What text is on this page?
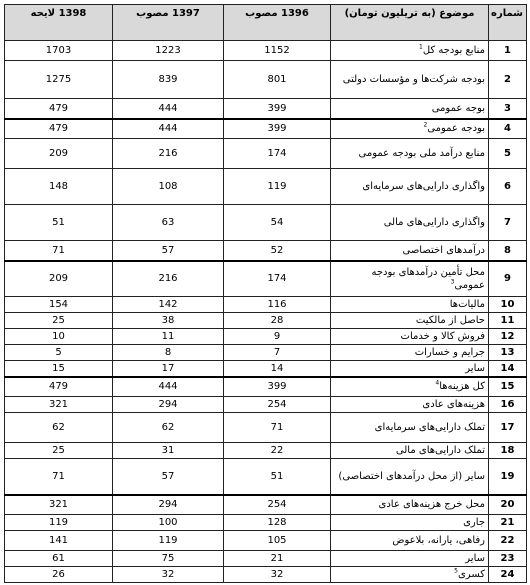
شماره	موضوع (به تریلیون تومان)	1396 مصوب	1397 مصوب	1398 لایحه
1	منابع بودجه کل$^1$	1152	1223	1703
2	بودجه شرکت‌ها و مؤسسات دولتی	801	839	1275
3	بوجه عمومی	399	444	479
4	بودجه عمومی$^2$	399	444	479
5	منابع درآمد ملی بودجه عمومی	174	216	209
6	واگذاری دارایی‌های سرمایه‌ای	119	108	148
7	واگذاری دارایی‌های مالی	54	63	51
8	درآمدهای اختصاصی	52	57	71
9	محل تأمین درآمدهای بودجه عمومی$^3$	174	216	209
10	مالیات‌ها	116	142	154
11	حاصل از مالکیت	28	38	25
12	فروش کالا و خدمات	9	11	10
13	جرایم و خسارات	7	8	5
14	سایر	14	17	15
15	کل هزینه‌ها$^4$	399	444	479
16	هزینه‌های عادی	254	294	321
17	تملک دارایی‌های سرمایه‌ای	71	62	62
18	تملک دارایی‌های مالی	22	31	25
19	سایر (از محل درآمدهای اختصاصی)	51	57	71
20	محل خرج هزینه‌های عادی	254	294	321
21	جاری	128	100	119
22	رفاهی، یارانه، بلاعوض	105	119	141
23	سایر	21	75	61
24	کسری$^5$	32	32	26
